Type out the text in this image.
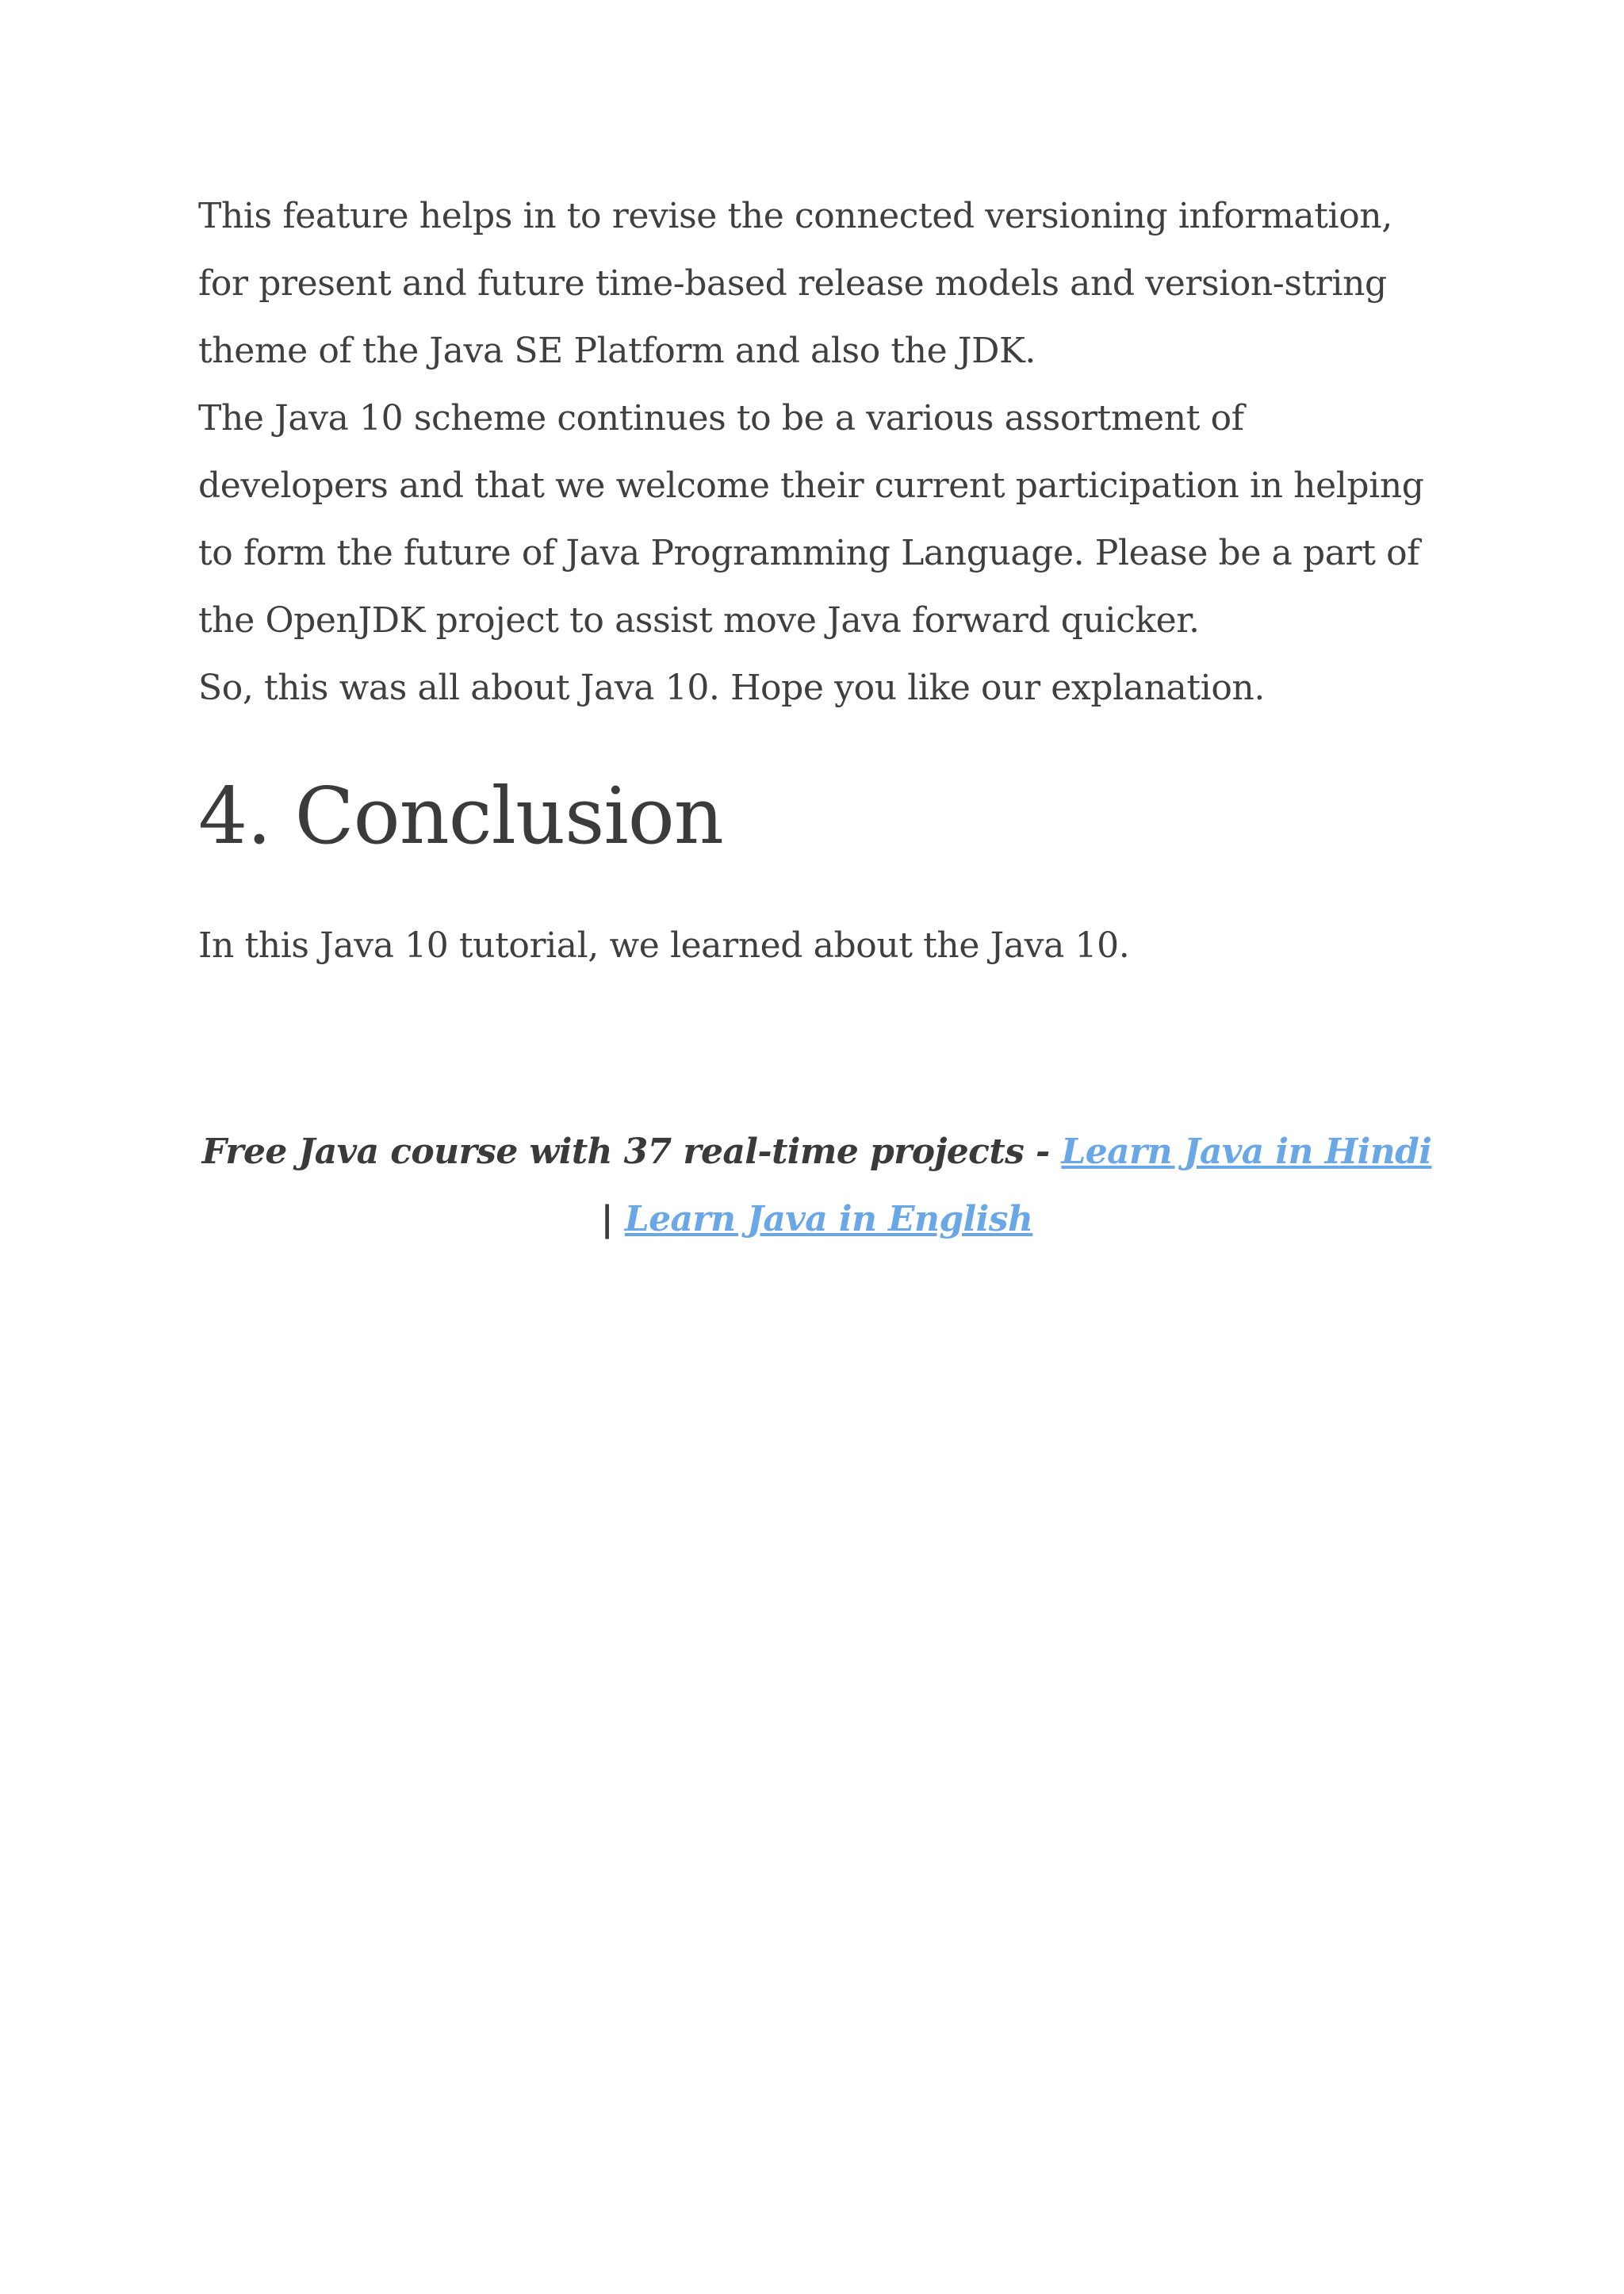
This feature helps in to revise the connected versioning information, for present and future time-based release models and version-string theme of the Java SE Platform and also the JDK.

The Java 10 scheme continues to be a various assortment of developers and that we welcome their current participation in helping to form the future of Java Programming Language. Please be a part of the OpenJDK project to assist move Java forward quicker.

So, this was all about Java 10. Hope you like our explanation.

4. Conclusion

In this Java 10 tutorial, we learned about the Java 10.

Free Java course with 37 real-time projects - Learn Java in Hindi | Learn Java in English
